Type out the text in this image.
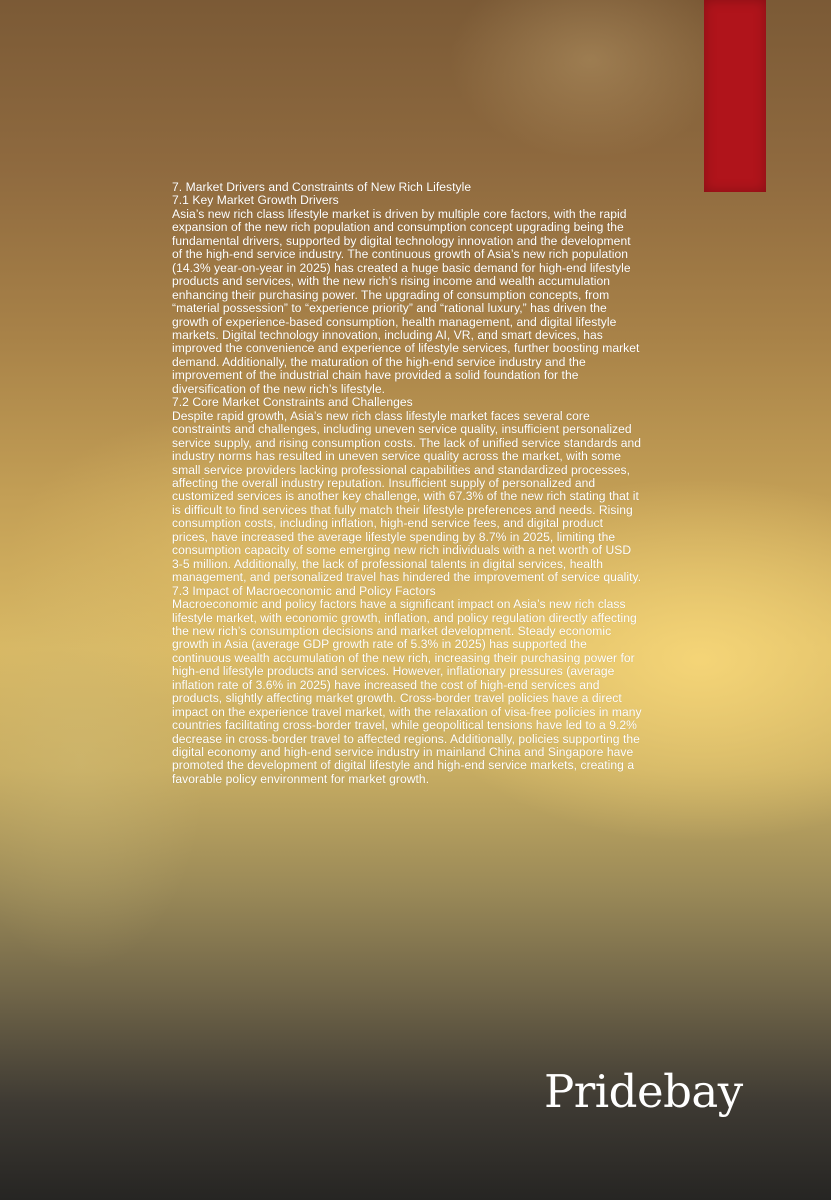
7. Market Drivers and Constraints of New Rich Lifestyle

7.1 Key Market Growth Drivers

Asia’s new rich class lifestyle market is driven by multiple core factors, with the rapid expansion of the new rich population and consumption concept upgrading being the fundamental drivers, supported by digital technology innovation and the development of the high-end service industry. The continuous growth of Asia’s new rich population (14.3% year-on-year in 2025) has created a huge basic demand for high-end lifestyle products and services, with the new rich’s rising income and wealth accumulation enhancing their purchasing power. The upgrading of consumption concepts, from “material possession” to “experience priority” and “rational luxury,” has driven the growth of experience-based consumption, health management, and digital lifestyle markets. Digital technology innovation, including AI, VR, and smart devices, has improved the convenience and experience of lifestyle services, further boosting market demand. Additionally, the maturation of the high-end service industry and the improvement of the industrial chain have provided a solid foundation for the diversification of the new rich’s lifestyle.

7.2 Core Market Constraints and Challenges

Despite rapid growth, Asia’s new rich class lifestyle market faces several core constraints and challenges, including uneven service quality, insufficient personalized service supply, and rising consumption costs. The lack of unified service standards and industry norms has resulted in uneven service quality across the market, with some small service providers lacking professional capabilities and standardized processes, affecting the overall industry reputation. Insufficient supply of personalized and customized services is another key challenge, with 67.3% of the new rich stating that it is difficult to find services that fully match their lifestyle preferences and needs. Rising consumption costs, including inflation, high-end service fees, and digital product prices, have increased the average lifestyle spending by 8.7% in 2025, limiting the consumption capacity of some emerging new rich individuals with a net worth of USD 3-5 million. Additionally, the lack of professional talents in digital services, health management, and personalized travel has hindered the improvement of service quality.

7.3 Impact of Macroeconomic and Policy Factors

Macroeconomic and policy factors have a significant impact on Asia’s new rich class lifestyle market, with economic growth, inflation, and policy regulation directly affecting the new rich’s consumption decisions and market development. Steady economic growth in Asia (average GDP growth rate of 5.3% in 2025) has supported the continuous wealth accumulation of the new rich, increasing their purchasing power for high-end lifestyle products and services. However, inflationary pressures (average inflation rate of 3.6% in 2025) have increased the cost of high-end services and products, slightly affecting market growth. Cross-border travel policies have a direct impact on the experience travel market, with the relaxation of visa-free policies in many countries facilitating cross-border travel, while geopolitical tensions have led to a 9.2% decrease in cross-border travel to affected regions. Additionally, policies supporting the digital economy and high-end service industry in mainland China and Singapore have promoted the development of digital lifestyle and high-end service markets, creating a favorable policy environment for market growth.

Pridebay
